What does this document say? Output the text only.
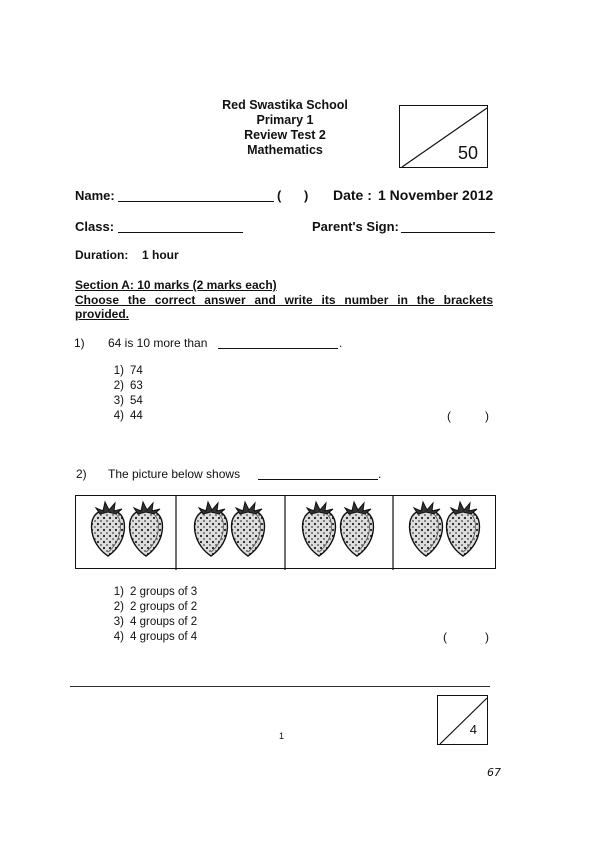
Red Swastika School
Primary 1
Review Test 2
Mathematics	50
Name:	( ) Date : 1 November 2012
Class:	Parent's Sign:
Duration: 1 hour
Section A: 10 marks (2 marks each)
Choose the correct answer and write its number in the brackets provided.
1) 64 is 10 more than	.
1) 74
2) 63
3) 54
4) 44	(	)
2) The picture below shows	.
1) 2 groups of 3
2) 2 groups of 2
3) 4 groups of 2
4) 4 groups of 4	(	)
1	4
67
